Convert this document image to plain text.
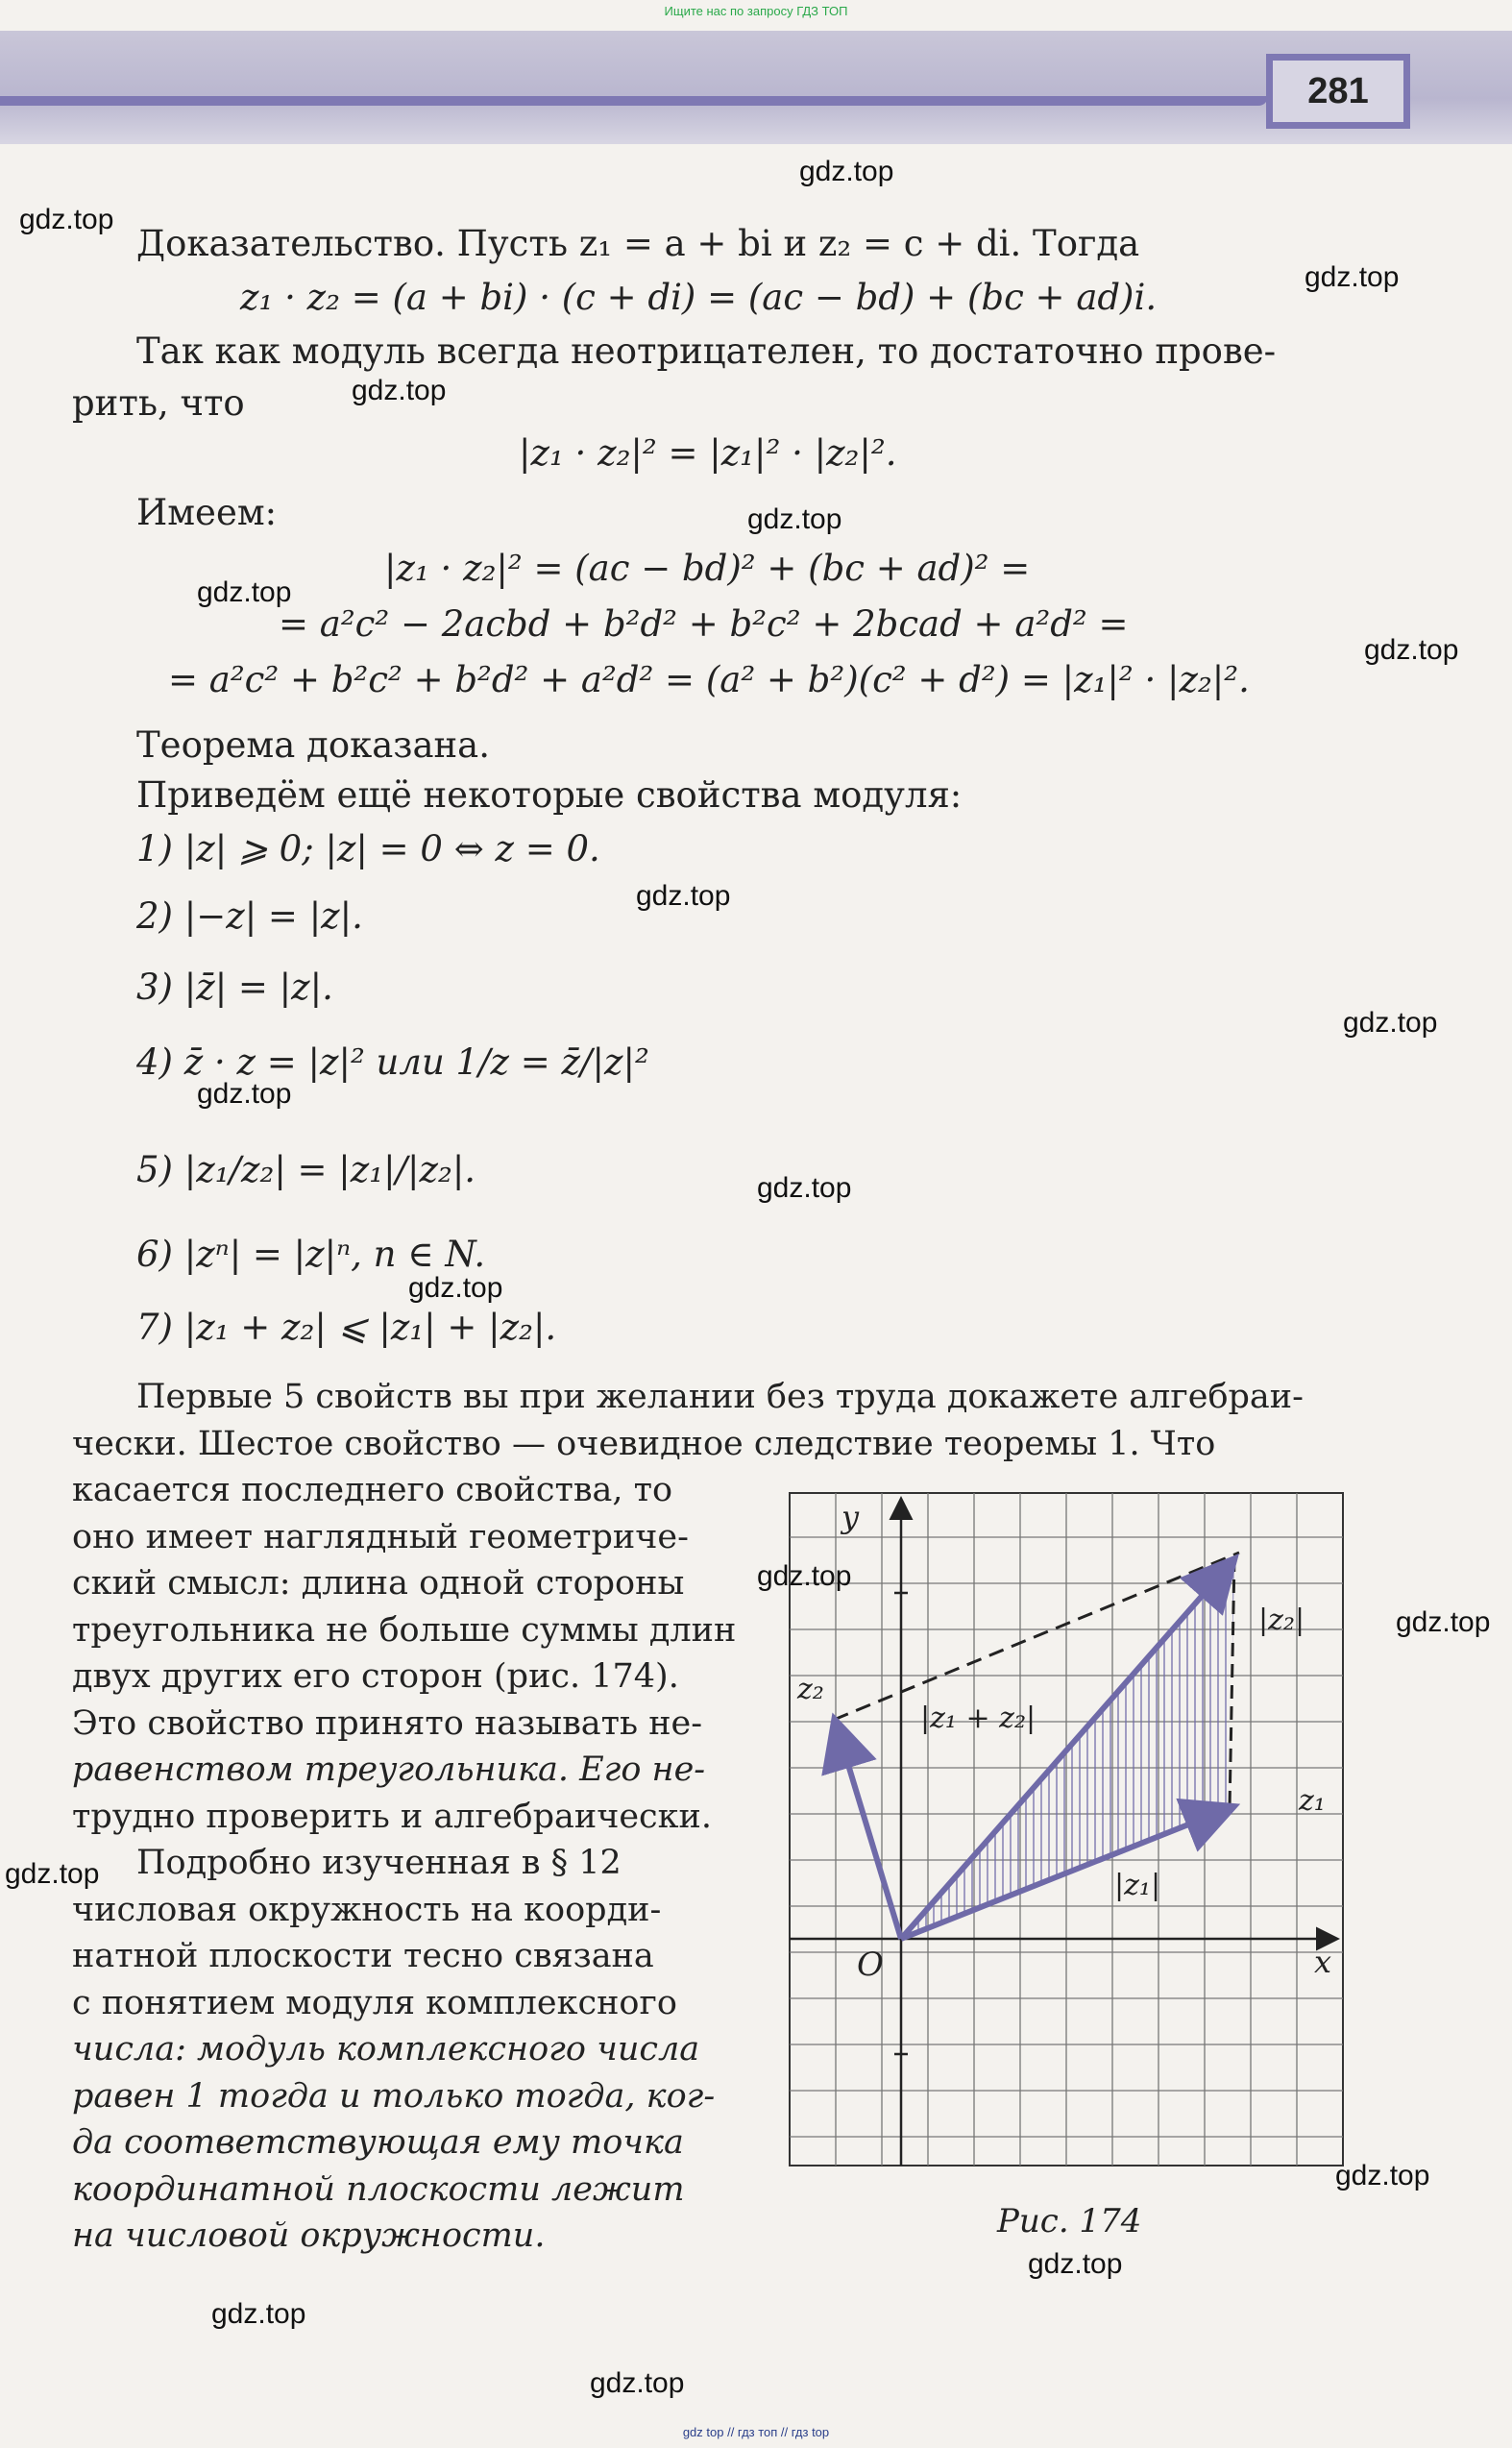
Ищите нас по запросу ГДЗ ТОП
281
Доказательство. Пусть z₁ = a + bi и z₂ = c + di. Тогда
z₁ · z₂ = (a + bi) · (c + di) = (ac − bd) + (bc + ad)i.
Так как модуль всегда неотрицателен, то достаточно прове-
рить, что
|z₁ · z₂|² = |z₁|² · |z₂|².
Имеем:
|z₁ · z₂|² = (ac − bd)² + (bc + ad)² =
= a²c² − 2acbd + b²d² + b²c² + 2bcad + a²d² =
= a²c² + b²c² + b²d² + a²d² = (a² + b²)(c² + d²) = |z₁|² · |z₂|².
Теорема доказана.
Приведём ещё некоторые свойства модуля:
1) |z| ⩾ 0; |z| = 0 ⇔ z = 0.
2) |−z| = |z|.
3) |z̄| = |z|.
4) z̄ · z = |z|² или 1/z = z̄/|z|²
5) |z₁/z₂| = |z₁|/|z₂|.
6) |zⁿ| = |z|ⁿ, n ∈ N.
7) |z₁ + z₂| ⩽ |z₁| + |z₂|.
Первые 5 свойств вы при желании без труда докажете алгебраи-
чески. Шестое свойство — очевидное следствие теоремы 1. Что
касается последнего свойства, то
оно имеет наглядный геометриче-
ский смысл: длина одной стороны
треугольника не больше суммы длин
двух других его сторон (рис. 174).
Это свойство принято называть не-
равенством треугольника. Его не-
трудно проверить и алгебраически.
Подробно изученная в § 12
числовая окружность на коорди-
натной плоскости тесно связана
с понятием модуля комплексного
числа: модуль комплексного числа
равен 1 тогда и только тогда, ког-
да соответствующая ему точка
координатной плоскости лежит
на числовой окружности.
y
x
O
z₂
z₁
|z₁ + z₂|
|z₁|
|z₂|
Рис. 174
gdz.top
gdz.top
gdz.top
gdz.top
gdz.top
gdz.top
gdz.top
gdz.top
gdz.top
gdz.top
gdz.top
gdz.top
gdz.top
gdz.top
gdz.top
gdz.top
gdz.top
gdz.top
gdz.top
gdz top // гдз топ // гдз top
